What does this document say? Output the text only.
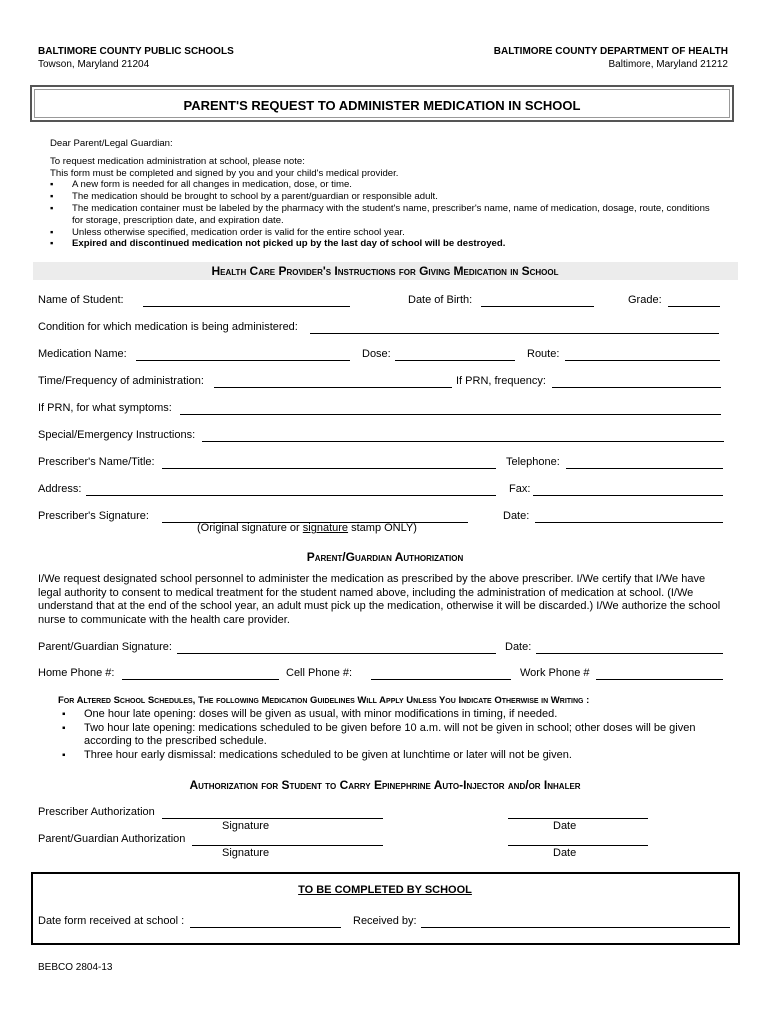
BALTIMORE COUNTY PUBLIC SCHOOLS
Towson, Maryland 21204
BALTIMORE COUNTY DEPARTMENT OF HEALTH
Baltimore, Maryland 21212
PARENT'S REQUEST TO ADMINISTER MEDICATION IN SCHOOL
Dear Parent/Legal Guardian:
To request medication administration at school, please note:
This form must be completed and signed by you and your child's medical provider.
▪ A new form is needed for all changes in medication, dose, or time.
▪ The medication should be brought to school by a parent/guardian or responsible adult.
▪ The medication container must be labeled by the pharmacy with the student's name, prescriber's name, name of medication, dosage, route, conditions for storage, prescription date, and expiration date.
▪ Unless otherwise specified, medication order is valid for the entire school year.
▪ Expired and discontinued medication not picked up by the last day of school will be destroyed.
Health Care Provider's Instructions for Giving Medication in School
Name of Student:	Date of Birth:	Grade:
Condition for which medication is being administered:
Medication Name:	Dose:	Route:
Time/Frequency of administration:	If PRN, frequency:
If PRN, for what symptoms:
Special/Emergency Instructions:
Prescriber's Name/Title:	Telephone:
Address:	Fax:
Prescriber's Signature:	Date:
(Original signature or signature stamp ONLY)
Parent/Guardian Authorization
I/We request designated school personnel to administer the medication as prescribed by the above prescriber. I/We certify that I/We have legal authority to consent to medical treatment for the student named above, including the administration of medication at school. (I/We understand that at the end of the school year, an adult must pick up the medication, otherwise it will be discarded.) I/We authorize the school nurse to communicate with the health care provider.
Parent/Guardian Signature:	Date:
Home Phone #:	Cell Phone #:	Work Phone #
For Altered School Schedules, The following Medication Guidelines Will Apply Unless You Indicate Otherwise in Writing :
▪ One hour late opening: doses will be given as usual, with minor modifications in timing, if needed.
▪ Two hour late opening: medications scheduled to be given before 10 a.m. will not be given in school; other doses will be given according to the prescribed schedule.
▪ Three hour early dismissal: medications scheduled to be given at lunchtime or later will not be given.
Authorization for Student to Carry Epinephrine Auto-Injector and/or Inhaler
Prescriber Authorization
Signature	Date
Parent/Guardian Authorization
Signature	Date
TO BE COMPLETED BY SCHOOL
Date form received at school :	Received by:
BEBCO 2804-13
